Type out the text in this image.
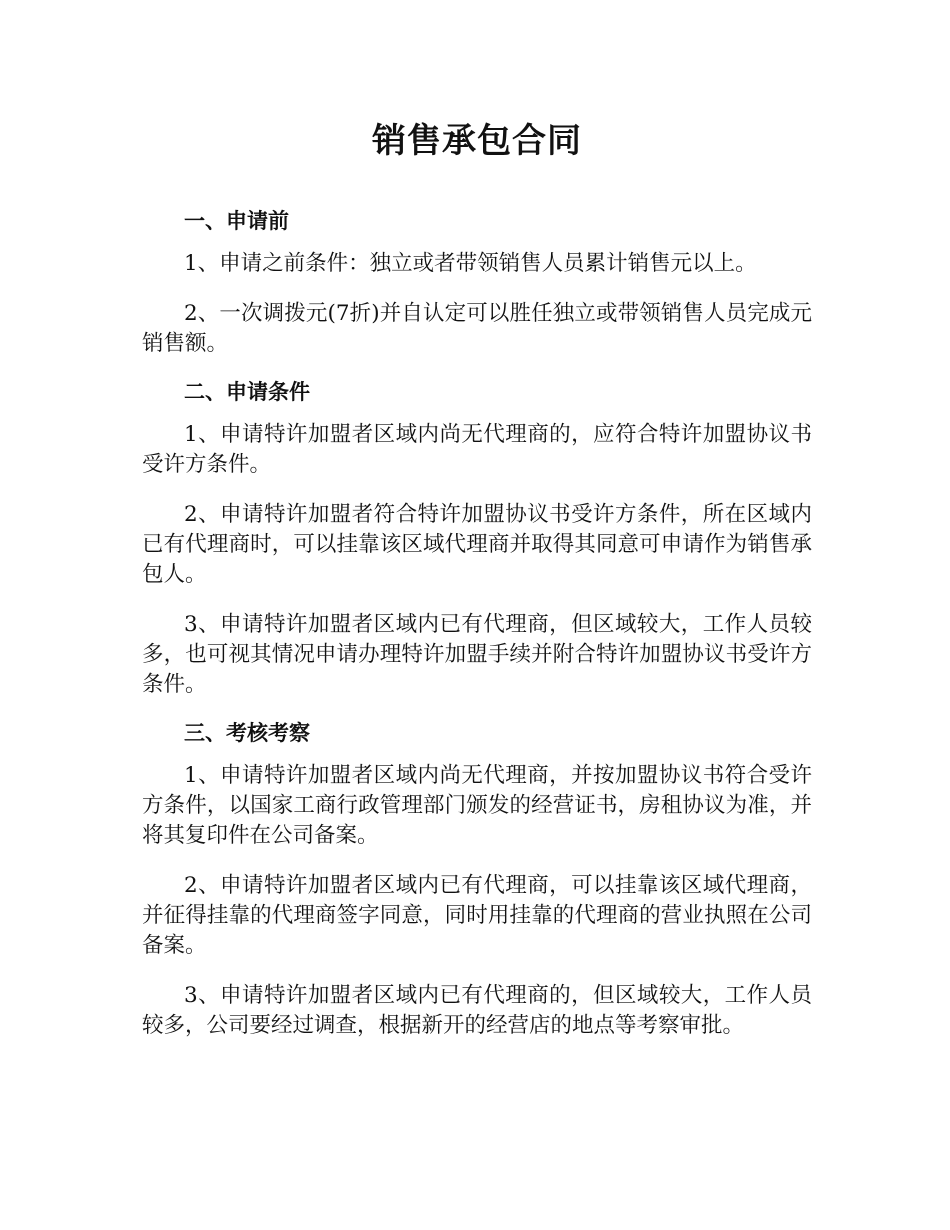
销售承包合同
一、申请前

1、申请之前条件：独立或者带领销售人员累计销售元以上。

2、一次调拨元(7折)并自认定可以胜任独立或带领销售人员完成元销售额。

二、申请条件

1、申请特许加盟者区域内尚无代理商的，应符合特许加盟协议书受许方条件。

2、申请特许加盟者符合特许加盟协议书受许方条件，所在区域内已有代理商时，可以挂靠该区域代理商并取得其同意可申请作为销售承包人。

3、申请特许加盟者区域内已有代理商，但区域较大，工作人员较多，也可视其情况申请办理特许加盟手续并附合特许加盟协议书受许方条件。

三、考核考察

1、申请特许加盟者区域内尚无代理商，并按加盟协议书符合受许方条件，以国家工商行政管理部门颁发的经营证书，房租协议为准，并将其复印件在公司备案。

2、申请特许加盟者区域内已有代理商，可以挂靠该区域代理商，并征得挂靠的代理商签字同意，同时用挂靠的代理商的营业执照在公司备案。

3、申请特许加盟者区域内已有代理商的，但区域较大，工作人员较多，公司要经过调查，根据新开的经营店的地点等考察审批。
